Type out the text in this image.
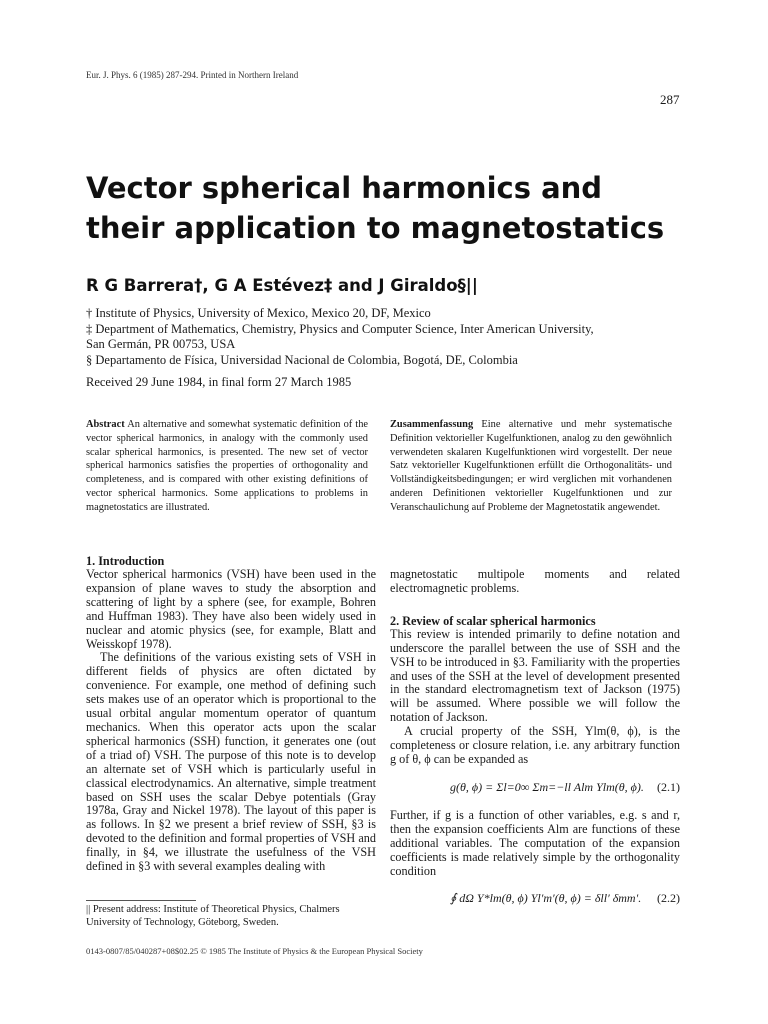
Eur. J. Phys. 6 (1985) 287-294. Printed in Northern Ireland
287
Vector spherical harmonics and
their application to magnetostatics
R G Barrera†, G A Estévez‡ and J Giraldo§||
† Institute of Physics, University of Mexico, Mexico 20, DF, Mexico
‡ Department of Mathematics, Chemistry, Physics and Computer Science, Inter American University,
San Germán, PR 00753, USA
§ Departamento de Física, Universidad Nacional de Colombia, Bogotá, DE, Colombia
Received 29 June 1984, in final form 27 March 1985
Abstract An alternative and somewhat systematic definition of the vector spherical harmonics, in analogy with the commonly used scalar spherical harmonics, is presented. The new set of vector spherical harmonics satisfies the properties of orthogonality and completeness, and is compared with other existing definitions of vector spherical harmonics. Some applications to problems in magnetostatics are illustrated.
Zusammenfassung Eine alternative und mehr systematische Definition vektorieller Kugelfunktionen, analog zu den gewöhnlich verwendeten skalaren Kugelfunktionen wird vorgestellt. Der neue Satz vektorieller Kugelfunktionen erfüllt die Orthogonalitäts- und Vollständigkeitsbedingungen; er wird verglichen mit vorhandenen anderen Definitionen vektorieller Kugelfunktionen und zur Veranschaulichung auf Probleme der Magnetostatik angewendet.
1. Introduction

Vector spherical harmonics (VSH) have been used in the expansion of plane waves to study the absorption and scattering of light by a sphere (see, for example, Bohren and Huffman 1983). They have also been widely used in nuclear and atomic physics (see, for example, Blatt and Weisskopf 1978).

The definitions of the various existing sets of VSH in different fields of physics are often dictated by convenience. For example, one method of defining such sets makes use of an operator which is proportional to the usual orbital angular momentum operator of quantum mechanics. When this operator acts upon the scalar spherical harmonics (SSH) function, it generates one (out of a triad of) VSH. The purpose of this note is to develop an alternate set of VSH which is particularly useful in classical electrodynamics. An alternative, simple treatment based on SSH uses the scalar Debye potentials (Gray 1978a, Gray and Nickel 1978). The layout of this paper is as follows. In §2 we present a brief review of SSH, §3 is devoted to the definition and formal properties of VSH and finally, in §4, we illustrate the usefulness of the VSH defined in §3 with several examples dealing with

magnetostatic multipole moments and related electromagnetic problems.

2. Review of scalar spherical harmonics

This review is intended primarily to define notation and underscore the parallel between the use of SSH and the VSH to be introduced in §3. Familiarity with the properties and uses of the SSH at the level of development presented in the standard electromagnetism text of Jackson (1975) will be assumed. Where possible we will follow the notation of Jackson.

A crucial property of the SSH, Ylm(θ, ϕ), is the completeness or closure relation, i.e. any arbitrary function g of θ, ϕ can be expanded as

g(θ, ϕ) = Σl=0∞ Σm=−ll Alm Ylm(θ, ϕ). (2.1)

Further, if g is a function of other variables, e.g. s and r, then the expansion coefficients Alm are functions of these additional variables. The computation of the expansion coefficients is made relatively simple by the orthogonality condition

∮ dΩ Y*lm(θ, ϕ) Yl′m′(θ, ϕ) = δll′ δmm′. (2.2)
|| Present address: Institute of Theoretical Physics, Chalmers University of Technology, Göteborg, Sweden.
0143-0807/85/040287+08$02.25 © 1985 The Institute of Physics & the European Physical Society
